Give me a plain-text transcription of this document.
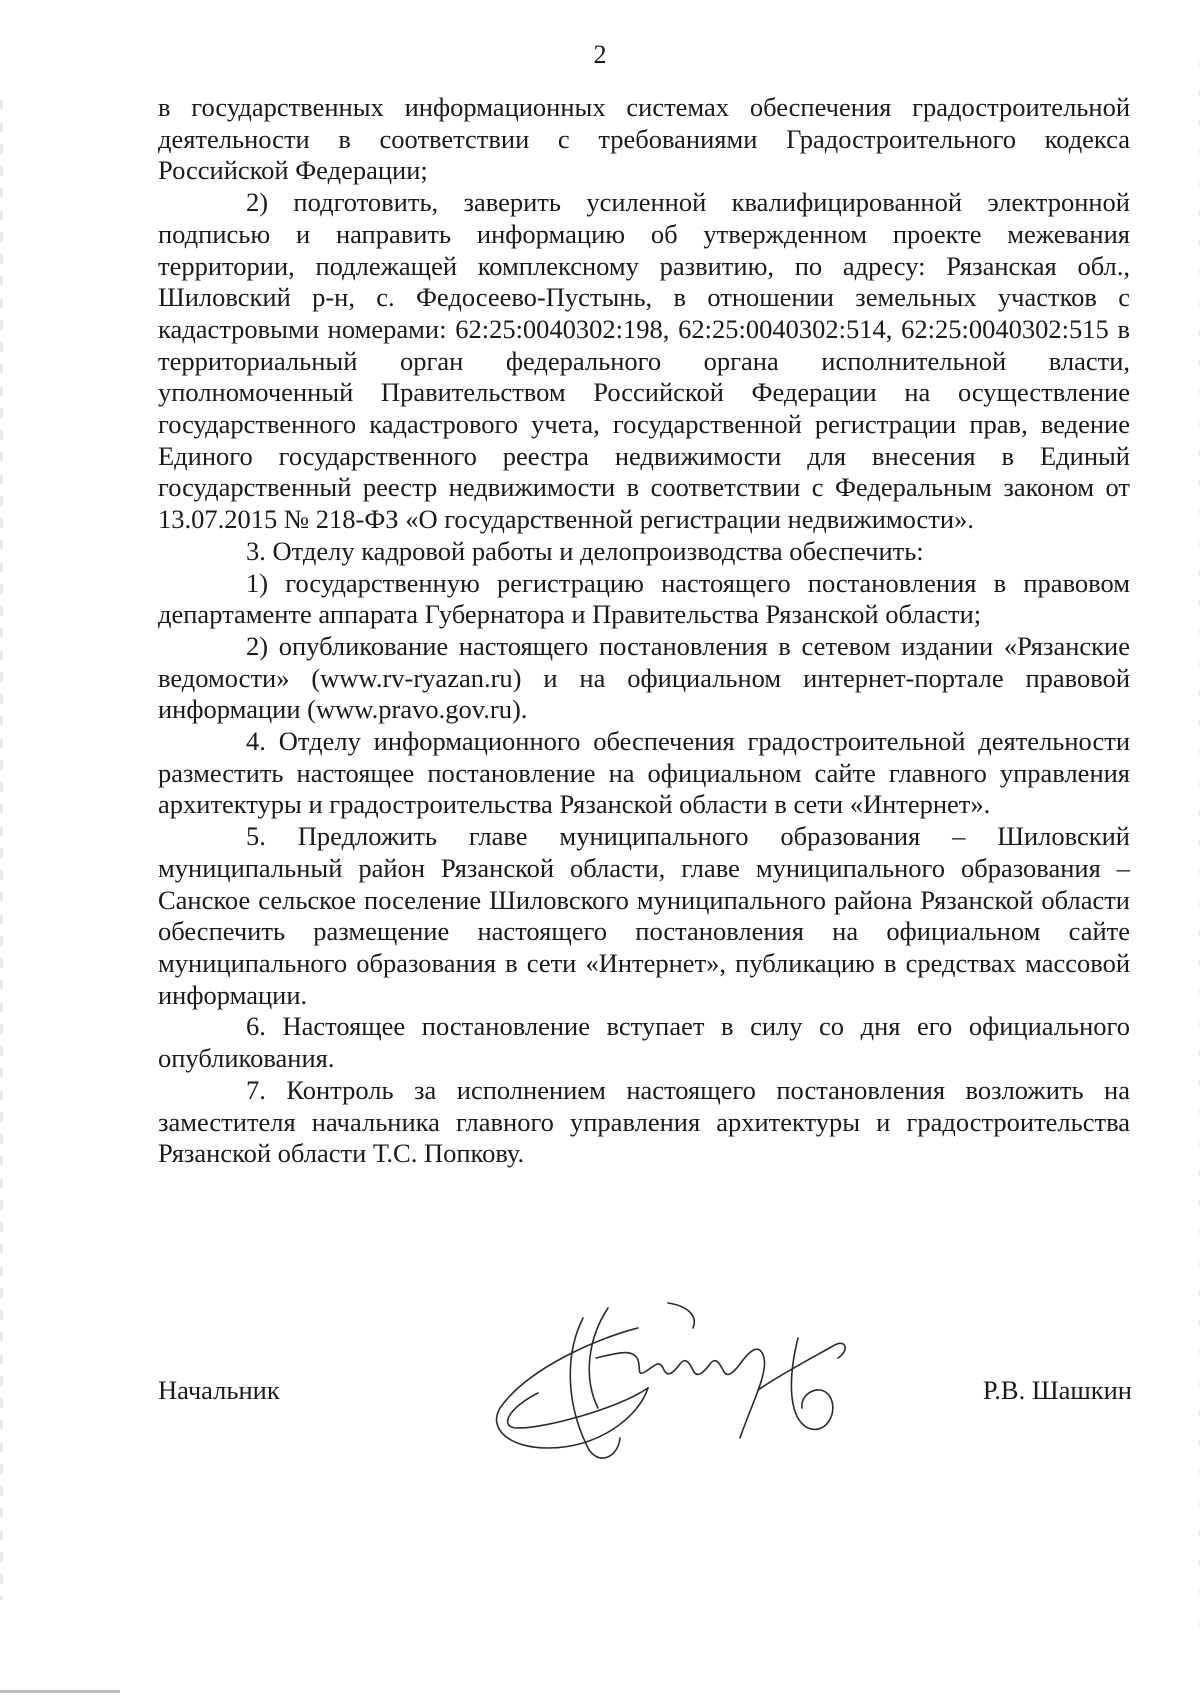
2

в государственных информационных системах обеспечения градостроительной деятельности в соответствии с требованиями Градостроительного кодекса Российской Федерации;

2) подготовить, заверить усиленной квалифицированной электронной подписью и направить информацию об утвержденном проекте межевания территории, подлежащей комплексному развитию, по адресу: Рязанская обл., Шиловский р-н, с. Федосеево-Пустынь, в отношении земельных участков с кадастровыми номерами: 62:25:0040302:198, 62:25:0040302:514, 62:25:0040302:515 в территориальный орган федерального органа исполнительной власти, уполномоченный Правительством Российской Федерации на осуществление государственного кадастрового учета, государственной регистрации прав, ведение Единого государственного реестра недвижимости для внесения в Единый государственный реестр недвижимости в соответствии с Федеральным законом от 13.07.2015 № 218-ФЗ «О государственной регистрации недвижимости».

3. Отделу кадровой работы и делопроизводства обеспечить:

1) государственную регистрацию настоящего постановления в правовом департаменте аппарата Губернатора и Правительства Рязанской области;

2) опубликование настоящего постановления в сетевом издании «Рязанские ведомости» (www.rv-ryazan.ru) и на официальном интернет-портале правовой информации (www.pravo.gov.ru).

4. Отделу информационного обеспечения градостроительной деятельности разместить настоящее постановление на официальном сайте главного управления архитектуры и градостроительства Рязанской области в сети «Интернет».

5. Предложить главе муниципального образования – Шиловский муниципальный район Рязанской области, главе муниципального образования – Санское сельское поселение Шиловского муниципального района Рязанской области обеспечить размещение настоящего постановления на официальном сайте муниципального образования в сети «Интернет», публикацию в средствах массовой информации.

6. Настоящее постановление вступает в силу со дня его официального опубликования.

7. Контроль за исполнением настоящего постановления возложить на заместителя начальника главного управления архитектуры и градостроительства Рязанской области Т.С. Попкову.

Начальник	Р.В. Шашкин
